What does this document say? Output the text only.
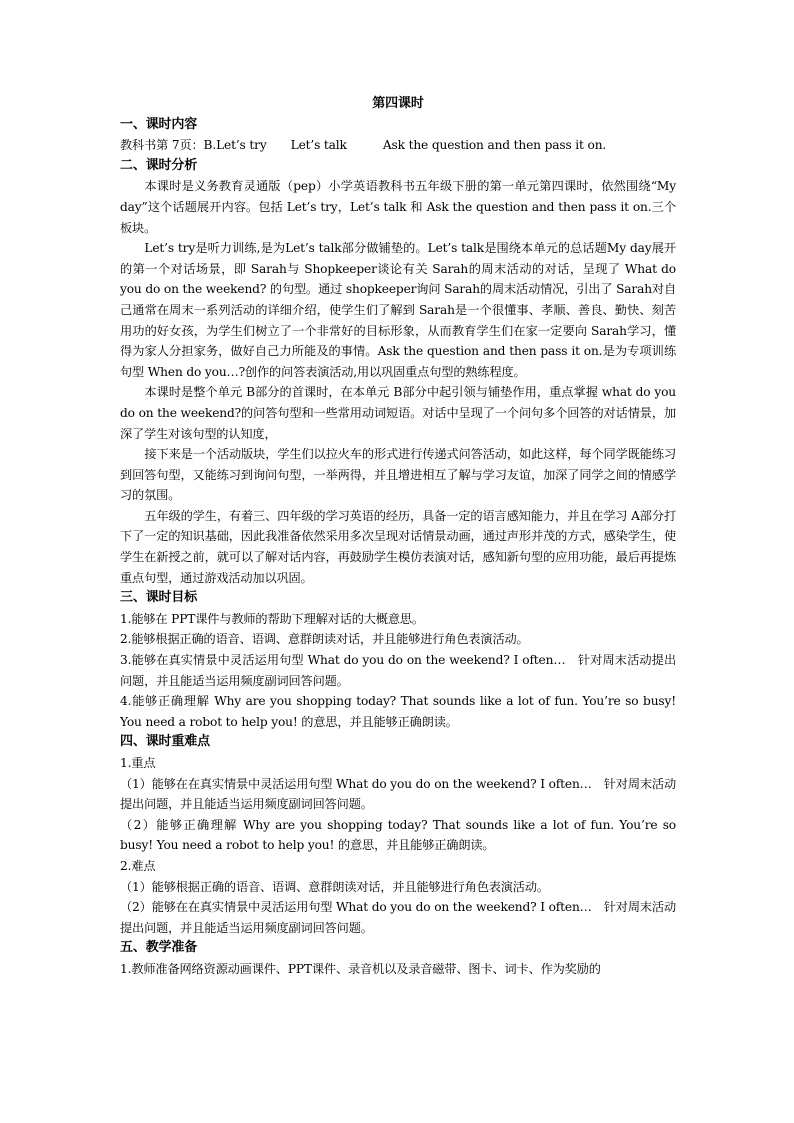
第四课时

一、课时内容

教科书第 7页：B.Let’s try　　Let’s talk　　　Ask the question and then pass it on.

二、课时分析

本课时是义务教育灵通版（pep）小学英语教科书五年级下册的第一单元第四课时，依然围绕“My day”这个话题展开内容。包括 Let’s try，Let’s talk 和 Ask the question and then pass it on.三个板块。

Let’s try是听力训练,是为Let’s talk部分做铺垫的。Let’s talk是围绕本单元的总话题My day展开的第一个对话场景，即 Sarah与 Shopkeeper谈论有关 Sarah的周末活动的对话，呈现了 What do you do on the weekend? 的句型。通过 shopkeeper询问 Sarah的周末活动情况，引出了 Sarah对自己通常在周末一系列活动的详细介绍，使学生们了解到 Sarah是一个很懂事、孝顺、善良、勤快、刻苦用功的好女孩，为学生们树立了一个非常好的目标形象，从而教育学生们在家一定要向 Sarah学习，懂得为家人分担家务，做好自己力所能及的事情。Ask the question and then pass it on.是为专项训练句型 When do you…?创作的问答表演活动,用以巩固重点句型的熟练程度。

本课时是整个单元 B部分的首课时，在本单元 B部分中起引领与铺垫作用，重点掌握 what do you do on the weekend?的问答句型和一些常用动词短语。对话中呈现了一个问句多个回答的对话情景，加深了学生对该句型的认知度，

接下来是一个活动版块，学生们以拉火车的形式进行传递式问答活动，如此这样，每个同学既能练习到回答句型，又能练习到询问句型，一举两得，并且增进相互了解与学习友谊，加深了同学之间的情感学习的氛围。

五年级的学生，有着三、四年级的学习英语的经历，具备一定的语言感知能力，并且在学习 A部分打下了一定的知识基础，因此我准备依然采用多次呈现对话情景动画，通过声形并茂的方式，感染学生，使学生在新授之前，就可以了解对话内容，再鼓励学生模仿表演对话，感知新句型的应用功能，最后再提炼重点句型，通过游戏活动加以巩固。

三、课时目标

1.能够在 PPT课件与教师的帮助下理解对话的大概意思。

2.能够根据正确的语音、语调、意群朗读对话，并且能够进行角色表演活动。

3.能够在真实情景中灵活运用句型 What do you do on the weekend? I often…　针对周末活动提出问题，并且能适当运用频度副词回答问题。

4.能够正确理解 Why are you shopping today? That sounds like a lot of fun. You’re so busy! You need a robot to help you! 的意思，并且能够正确朗读。

四、课时重难点

1.重点

（1）能够在在真实情景中灵活运用句型 What do you do on the weekend? I often…　针对周末活动提出问题，并且能适当运用频度副词回答问题。

（2）能够正确理解 Why are you shopping today? That sounds like a lot of fun. You’re so busy! You need a robot to help you! 的意思，并且能够正确朗读。

2.难点

（1）能够根据正确的语音、语调、意群朗读对话，并且能够进行角色表演活动。

（2）能够在在真实情景中灵活运用句型 What do you do on the weekend? I often…　针对周末活动提出问题，并且能适当运用频度副词回答问题。

五、教学准备

1.教师准备网络资源动画课件、PPT课件、录音机以及录音磁带、图卡、词卡、作为奖励的
